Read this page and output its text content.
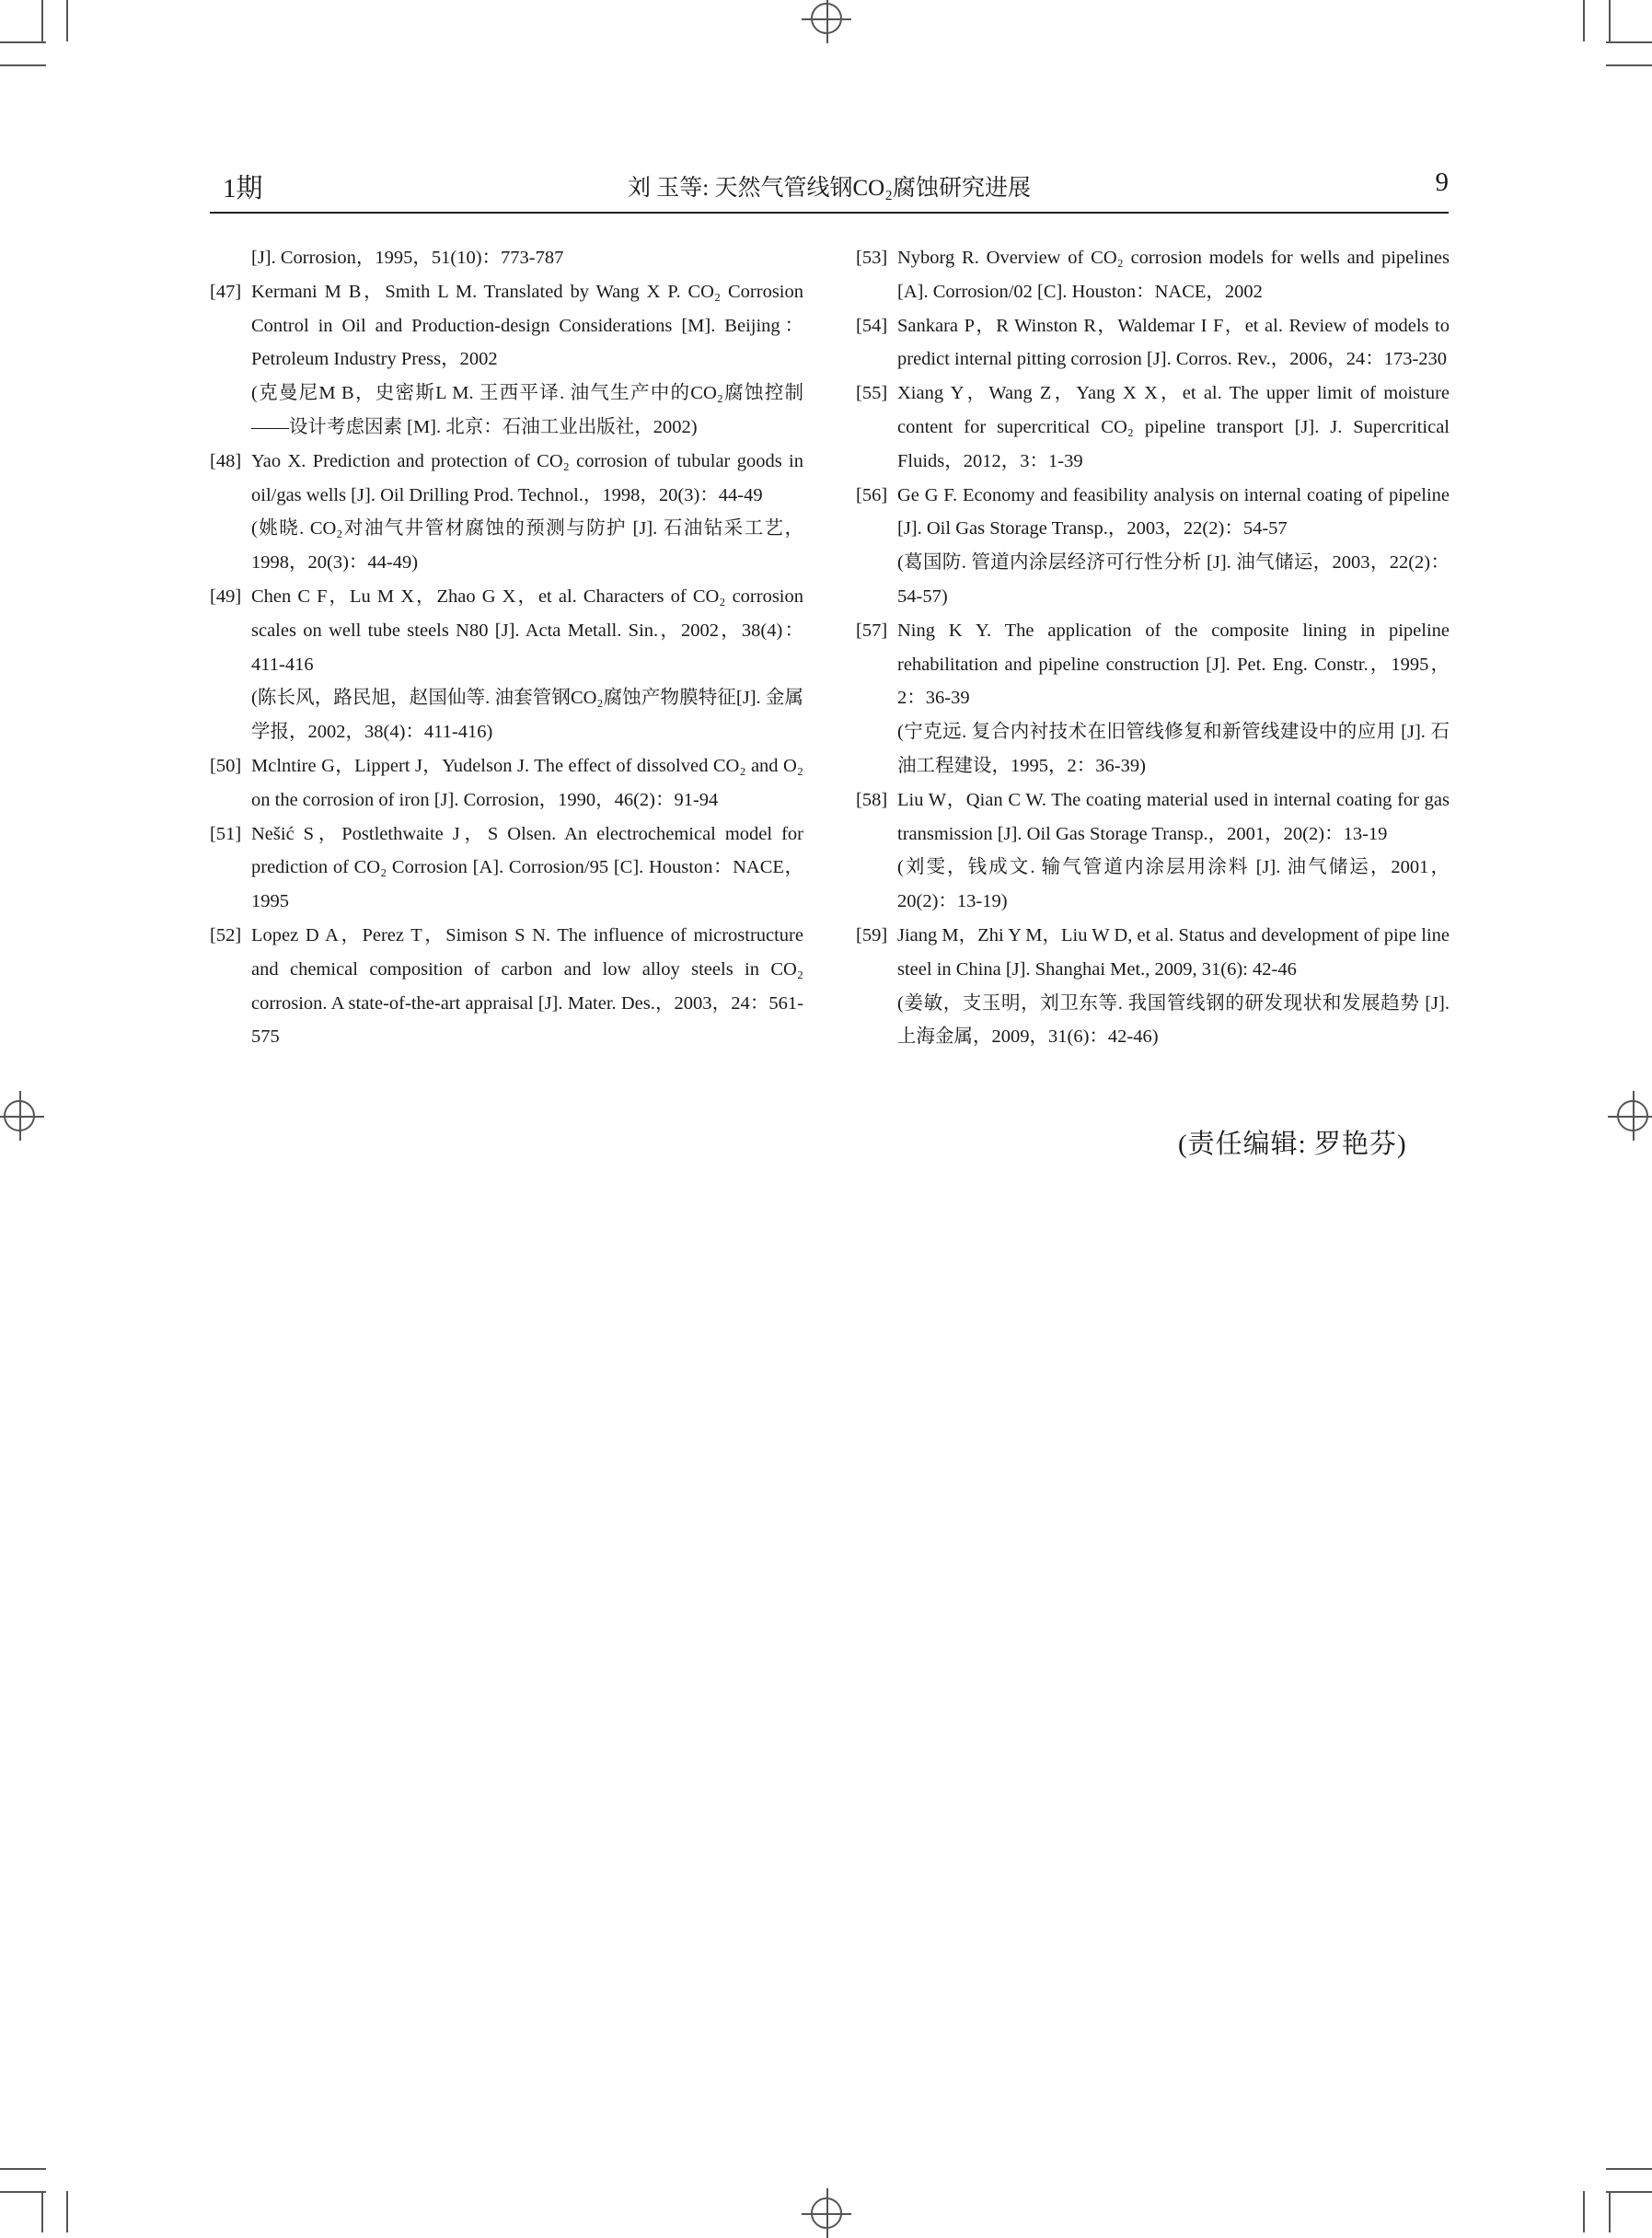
1期	刘 玉等: 天然气管线钢CO₂腐蚀研究进展	9

[J]. Corrosion，1995，51(10)：773-787

[47] Kermani M B，Smith L M. Translated by Wang X P. CO₂ Corrosion Control in Oil and Production-design Considerations [M]. Beijing：Petroleum Industry Press，2002
(克曼尼M B，史密斯L M. 王西平译. 油气生产中的CO₂腐蚀控制——设计考虑因素 [M]. 北京：石油工业出版社，2002)

[48] Yao X. Prediction and protection of CO₂ corrosion of tubular goods in oil/gas wells [J]. Oil Drilling Prod. Technol.，1998，20(3)：44-49
(姚晓. CO₂对油气井管材腐蚀的预测与防护 [J]. 石油钻采工艺，1998，20(3)：44-49)

[49] Chen C F，Lu M X，Zhao G X，et al. Characters of CO₂ corrosion scales on well tube steels N80 [J]. Acta Metall. Sin.，2002，38(4)：411-416
(陈长风，路民旭，赵国仙等. 油套管钢CO₂腐蚀产物膜特征[J]. 金属学报，2002，38(4)：411-416)

[50] Mclntire G，Lippert J，Yudelson J. The effect of dissolved CO₂ and O₂ on the corrosion of iron [J]. Corrosion，1990，46(2)：91-94

[51] Nešić S，Postlethwaite J，S Olsen. An electrochemical model for prediction of CO₂ Corrosion [A]. Corrosion/95 [C]. Houston：NACE，1995

[52] Lopez D A，Perez T，Simison S N. The influence of microstructure and chemical composition of carbon and low alloy steels in CO₂ corrosion. A state-of-the-art appraisal [J]. Mater. Des.，2003，24：561-575

[53] Nyborg R. Overview of CO₂ corrosion models for wells and pipelines [A]. Corrosion/02 [C]. Houston：NACE，2002

[54] Sankara P，R Winston R，Waldemar I F，et al. Review of models to predict internal pitting corrosion [J]. Corros. Rev.，2006，24：173-230

[55] Xiang Y，Wang Z，Yang X X，et al. The upper limit of moisture content for supercritical CO₂ pipeline transport [J]. J. Supercritical Fluids，2012，3：1-39

[56] Ge G F. Economy and feasibility analysis on internal coating of pipeline [J]. Oil Gas Storage Transp.，2003，22(2)：54-57
(葛国防. 管道内涂层经济可行性分析 [J]. 油气储运，2003，22(2)：54-57)

[57] Ning K Y. The application of the composite lining in pipeline rehabilitation and pipeline construction [J]. Pet. Eng. Constr.，1995，2：36-39
(宁克远. 复合内衬技术在旧管线修复和新管线建设中的应用 [J]. 石油工程建设，1995，2：36-39)

[58] Liu W，Qian C W. The coating material used in internal coating for gas transmission [J]. Oil Gas Storage Transp.，2001，20(2)：13-19
(刘雯，钱成文. 输气管道内涂层用涂料 [J]. 油气储运，2001，20(2)：13-19)

[59] Jiang M，Zhi Y M，Liu W D, et al. Status and development of pipe line steel in China [J]. Shanghai Met., 2009, 31(6): 42-46
(姜敏，支玉明，刘卫东等. 我国管线钢的研发现状和发展趋势 [J]. 上海金属，2009，31(6)：42-46)

(责任编辑: 罗艳芬)
